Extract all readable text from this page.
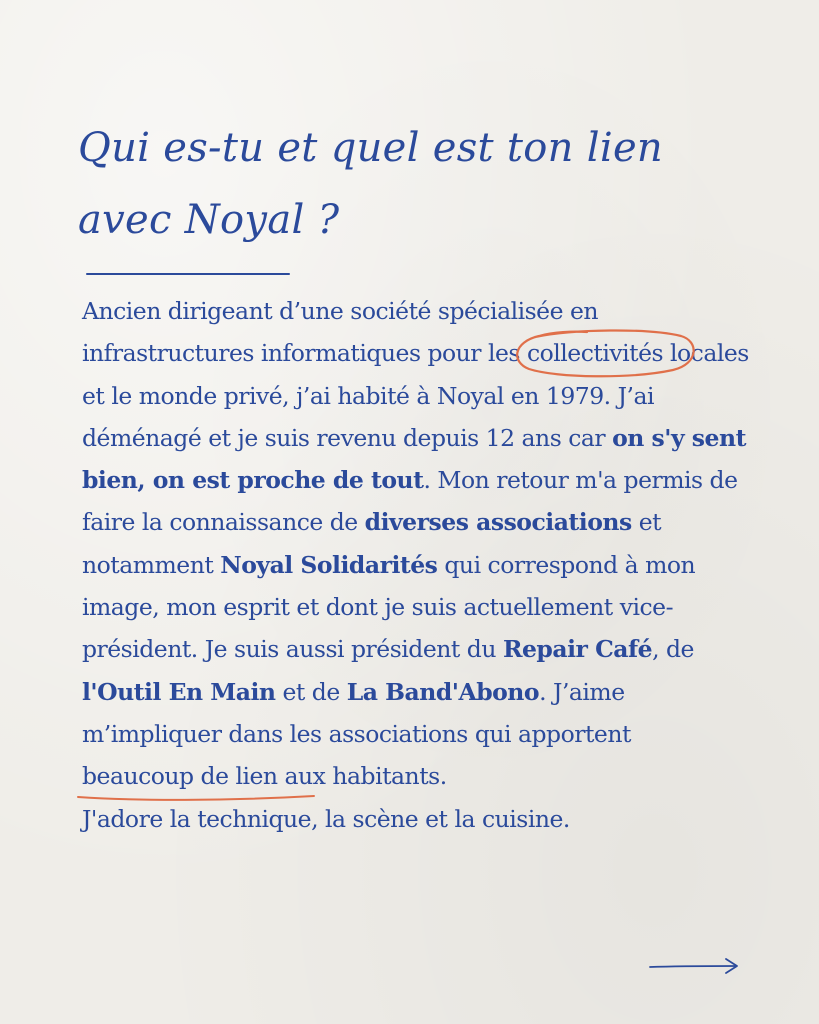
Qui es-tu et quel est ton lien
avec Noyal ?

Ancien dirigeant d’une société spécialisée en infrastructures informatiques pour les collectivités
locales et le monde privé, j’ai habité à Noyal en 1979. J’ai déménagé et je suis revenu depuis 12 ans car on s'y sent bien, on est proche de tout. Mon retour m'a permis de faire la connaissance de diverses associations et notamment Noyal Solidarités qui correspond à mon image, mon esprit et dont je suis actuellement vice-président. Je suis aussi président du Repair Café, de l'Outil En Main et de La Band'Abono. J’aime m’impliquer dans les associations qui apportent beaucoup de lien
aux habitants.
J'adore la technique, la scène et la cuisine.
